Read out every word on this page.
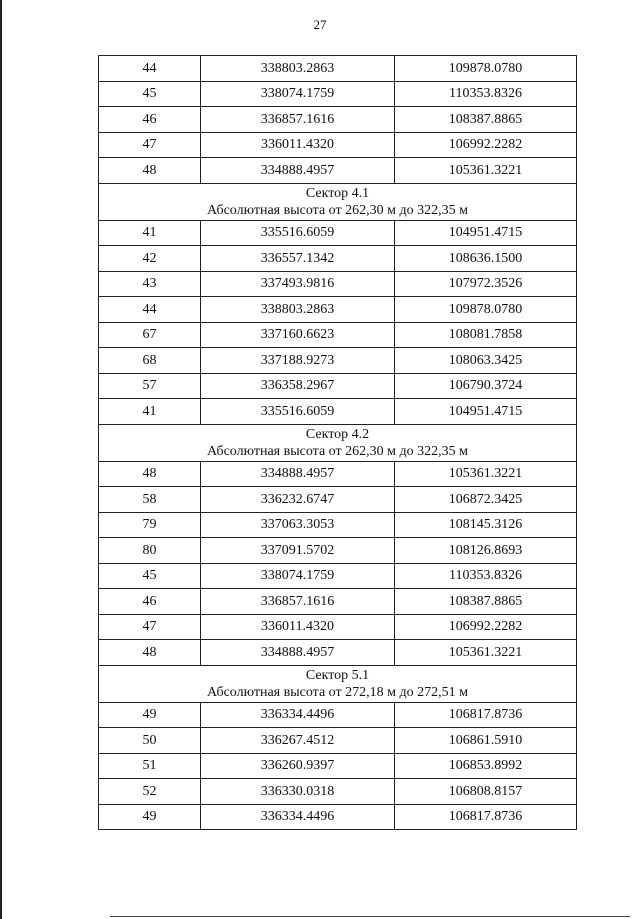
27
44	338803.2863	109878.0780
45	338074.1759	110353.8326
46	336857.1616	108387.8865
47	336011.4320	106992.2282
48	334888.4957	105361.3221

Сектор 4.1
Абсолютная высота от 262,30 м до 322,35 м		

41	335516.6059	104951.4715
42	336557.1342	108636.1500
43	337493.9816	107972.3526
44	338803.2863	109878.0780
67	337160.6623	108081.7858
68	337188.9273	108063.3425
57	336358.2967	106790.3724
41	335516.6059	104951.4715

Сектор 4.2
Абсолютная высота от 262,30 м до 322,35 м		

48	334888.4957	105361.3221
58	336232.6747	106872.3425
79	337063.3053	108145.3126
80	337091.5702	108126.8693
45	338074.1759	110353.8326
46	336857.1616	108387.8865
47	336011.4320	106992.2282
48	334888.4957	105361.3221

Сектор 5.1
Абсолютная высота от 272,18 м до 272,51 м		

49	336334.4496	106817.8736
50	336267.4512	106861.5910
51	336260.9397	106853.8992
52	336330.0318	106808.8157
49	336334.4496	106817.8736
